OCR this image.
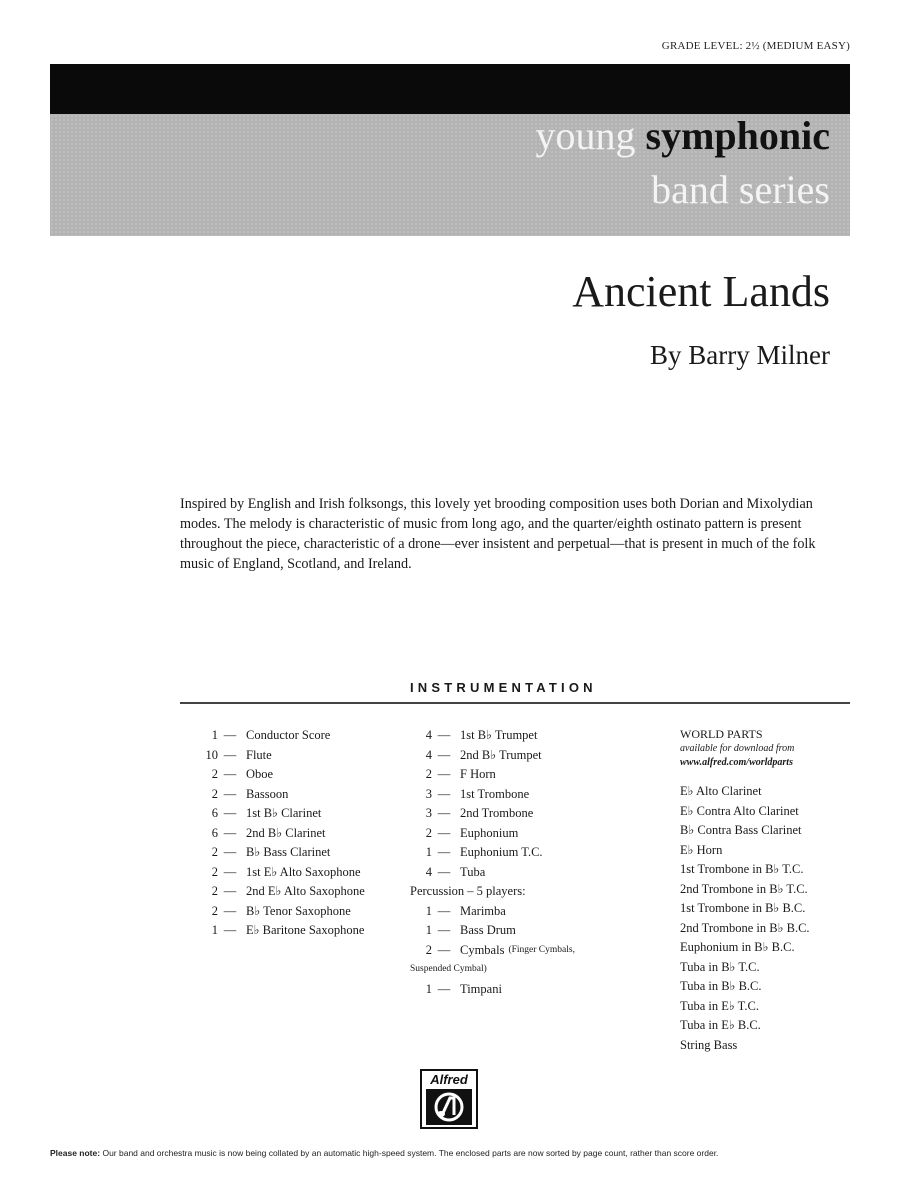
GRADE LEVEL: 2½ (MEDIUM EASY)
young symphonic
band series
Ancient Lands
By Barry Milner
Inspired by English and Irish folksongs, this lovely yet brooding composition uses both Dorian and Mixolydian modes. The melody is characteristic of music from long ago, and the quarter/eighth ostinato pattern is present throughout the piece, characteristic of a drone—ever insistent and perpetual—that is present in much of the folk music of England, Scotland, and Ireland.
INSTRUMENTATION
1 — Conductor Score
10 — Flute
2 — Oboe
2 — Bassoon
6 — 1st B♭ Clarinet
6 — 2nd B♭ Clarinet
2 — B♭ Bass Clarinet
2 — 1st E♭ Alto Saxophone
2 — 2nd E♭ Alto Saxophone
2 — B♭ Tenor Saxophone
1 — E♭ Baritone Saxophone
4 — 1st B♭ Trumpet
4 — 2nd B♭ Trumpet
2 — F Horn
3 — 1st Trombone
3 — 2nd Trombone
2 — Euphonium
1 — Euphonium T.C.
4 — Tuba
Percussion – 5 players:
1 — Marimba
1 — Bass Drum
2 — Cymbals (Finger Cymbals,
Suspended Cymbal)
1 — Timpani
WORLD PARTS
available for download from
www.alfred.com/worldparts
E♭ Alto Clarinet
E♭ Contra Alto Clarinet
B♭ Contra Bass Clarinet
E♭ Horn
1st Trombone in B♭ T.C.
2nd Trombone in B♭ T.C.
1st Trombone in B♭ B.C.
2nd Trombone in B♭ B.C.
Euphonium in B♭ B.C.
Tuba in B♭ T.C.
Tuba in B♭ B.C.
Tuba in E♭ T.C.
Tuba in E♭ B.C.
String Bass
Alfred
Please note: Our band and orchestra music is now being collated by an automatic high-speed system. The enclosed parts are now sorted by page count, rather than score order.
